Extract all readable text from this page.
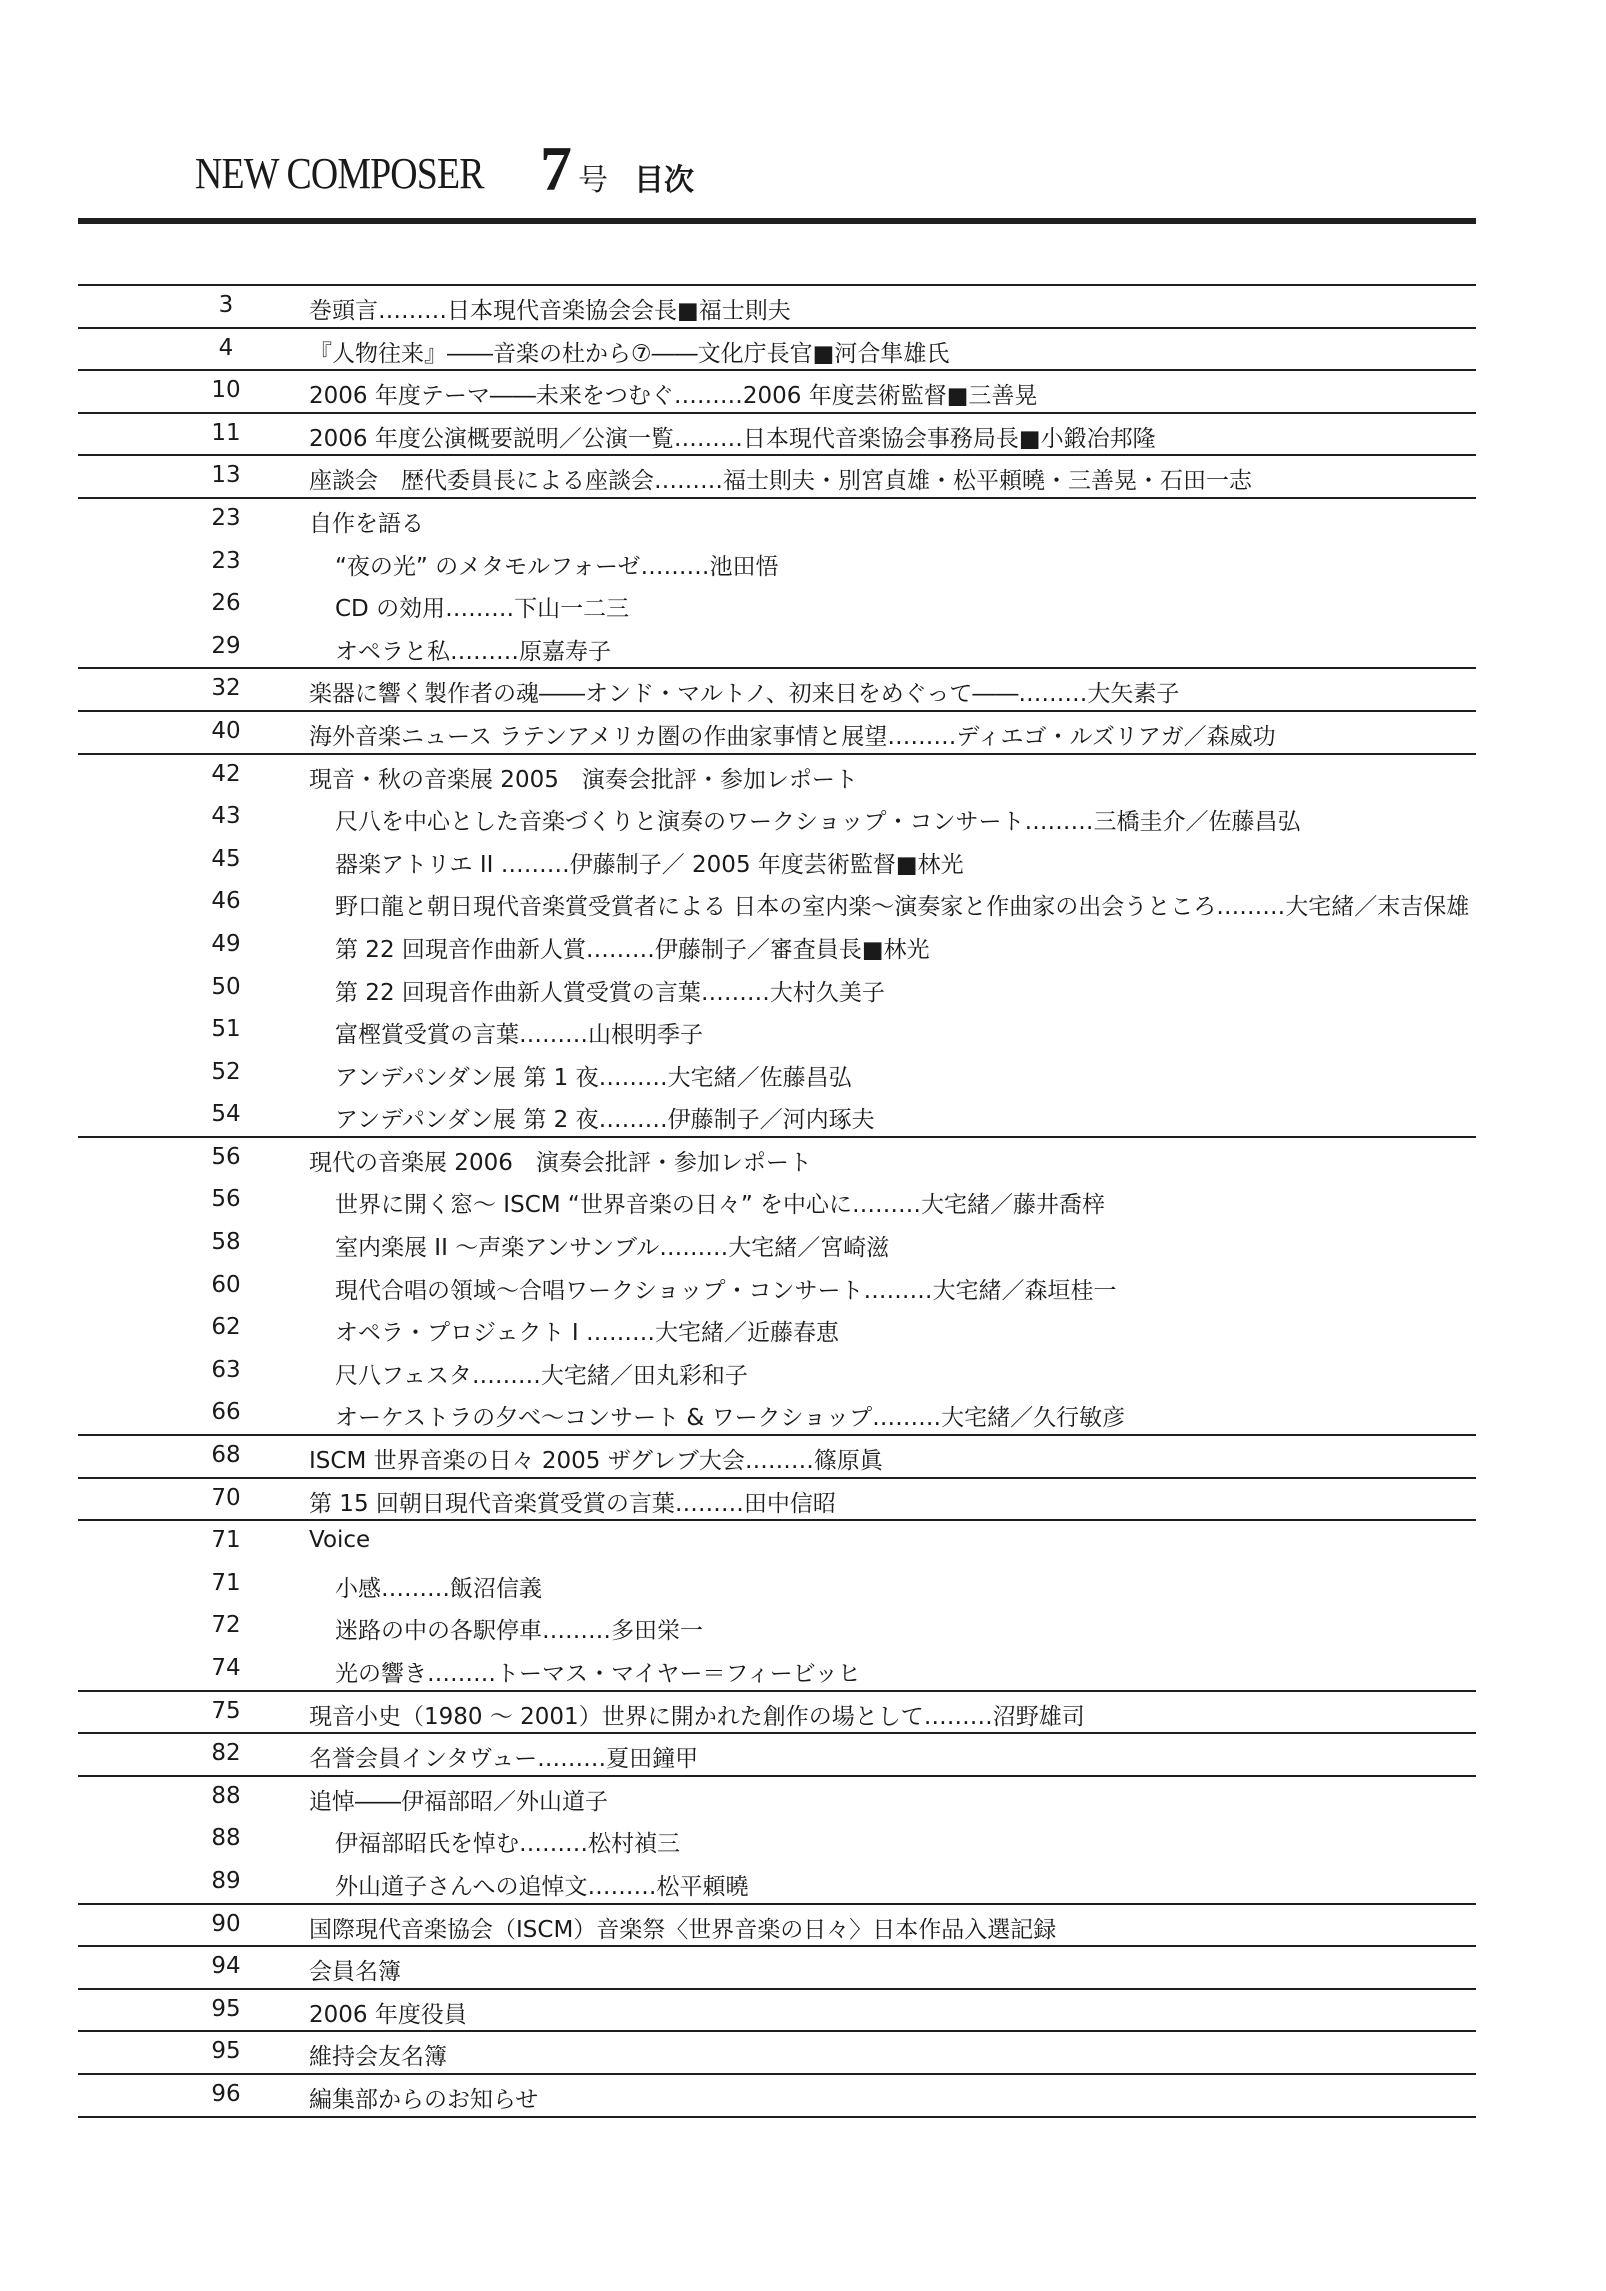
NEW COMPOSER 7 号 目次
3	巻頭言………日本現代音楽協会会長■福士則夫
4	『人物往来』――音楽の杜から⑦――文化庁長官■河合隼雄氏
10	2006 年度テーマ――未来をつむぐ………2006 年度芸術監督■三善晃
11	2006 年度公演概要説明／公演一覧………日本現代音楽協会事務局長■小鍛冶邦隆
13	座談会　歴代委員長による座談会………福士則夫・別宮貞雄・松平頼曉・三善晃・石田一志
23	自作を語る
23	“夜の光” のメタモルフォーゼ………池田悟
26	CD の効用………下山一二三
29	オペラと私………原嘉寿子
32	楽器に響く製作者の魂――オンド・マルトノ、初来日をめぐって――………大矢素子
40	海外音楽ニュース ラテンアメリカ圏の作曲家事情と展望………ディエゴ・ルズリアガ／森威功
42	現音・秋の音楽展 2005　演奏会批評・参加レポート
43	尺八を中心とした音楽づくりと演奏のワークショップ・コンサート………三橋圭介／佐藤昌弘
45	器楽アトリエ II ………伊藤制子／ 2005 年度芸術監督■林光
46	野口龍と朝日現代音楽賞受賞者による 日本の室内楽～演奏家と作曲家の出会うところ………大宅緒／末吉保雄
49	第 22 回現音作曲新人賞………伊藤制子／審査員長■林光
50	第 22 回現音作曲新人賞受賞の言葉………大村久美子
51	富樫賞受賞の言葉………山根明季子
52	アンデパンダン展 第 1 夜………大宅緒／佐藤昌弘
54	アンデパンダン展 第 2 夜………伊藤制子／河内琢夫
56	現代の音楽展 2006　演奏会批評・参加レポート
56	世界に開く窓～ ISCM “世界音楽の日々” を中心に………大宅緒／藤井喬梓
58	室内楽展 II ～声楽アンサンブル………大宅緒／宮崎滋
60	現代合唱の領域～合唱ワークショップ・コンサート………大宅緒／森垣桂一
62	オペラ・プロジェクト I ………大宅緒／近藤春恵
63	尺八フェスタ………大宅緒／田丸彩和子
66	オーケストラの夕べ～コンサート & ワークショップ………大宅緒／久行敏彦
68	ISCM 世界音楽の日々 2005 ザグレブ大会………篠原眞
70	第 15 回朝日現代音楽賞受賞の言葉………田中信昭
71	Voice
71	小感………飯沼信義
72	迷路の中の各駅停車………多田栄一
74	光の響き………トーマス・マイヤー＝フィービッヒ
75	現音小史（1980 ～ 2001）世界に開かれた創作の場として………沼野雄司
82	名誉会員インタヴュー………夏田鐘甲
88	追悼――伊福部昭／外山道子
88	伊福部昭氏を悼む………松村禎三
89	外山道子さんへの追悼文………松平頼曉
90	国際現代音楽協会（ISCM）音楽祭〈世界音楽の日々〉日本作品入選記録
94	会員名簿
95	2006 年度役員
95	維持会友名簿
96	編集部からのお知らせ
